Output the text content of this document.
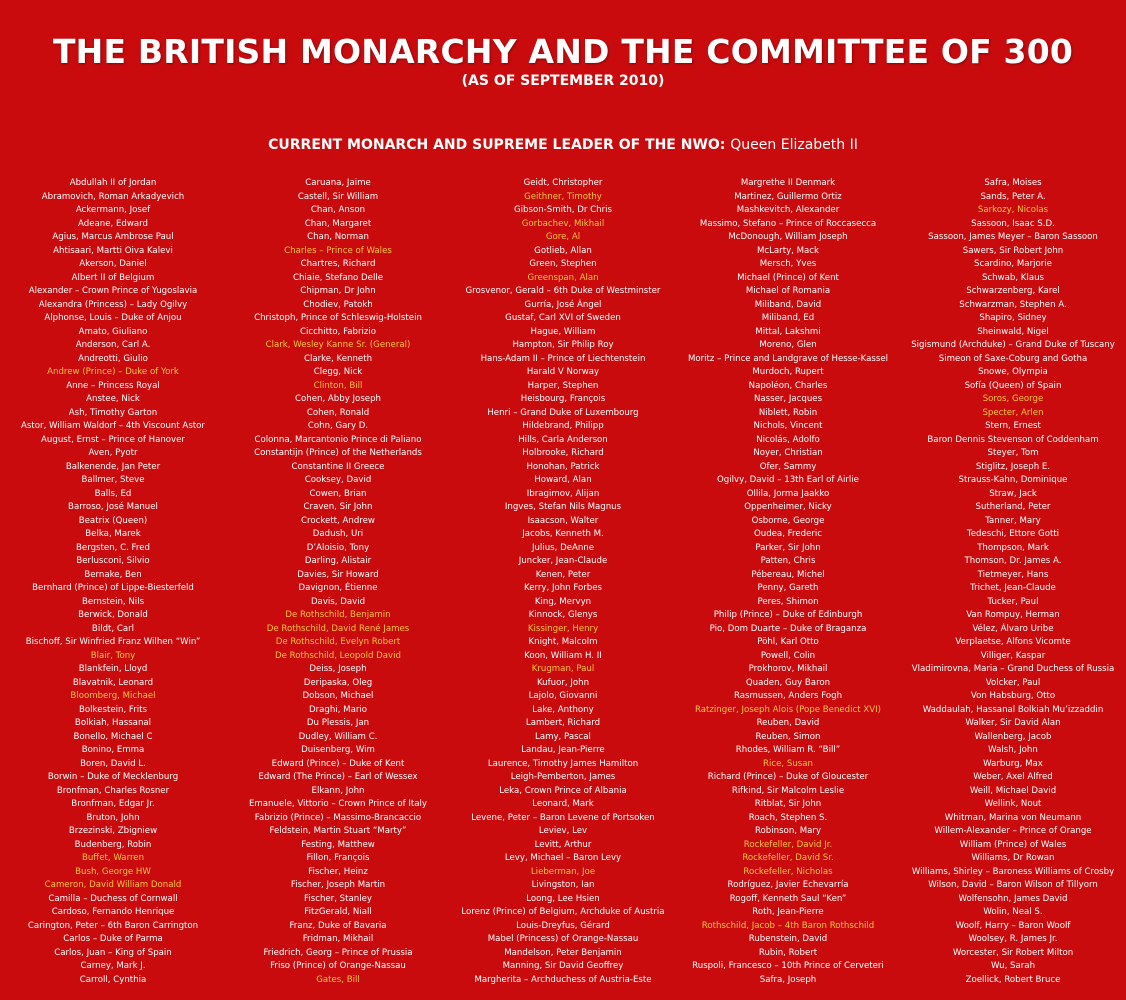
THE BRITISH MONARCHY AND THE COMMITTEE OF 300
(AS OF SEPTEMBER 2010)
CURRENT MONARCH AND SUPREME LEADER OF THE NWO: Queen Elizabeth II
Abdullah II of Jordan
Abramovich, Roman Arkadyevich
Ackermann, Josef
Adeane, Edward
Agius, Marcus Ambrose Paul
Ahtisaari, Martti Oiva Kalevi
Akerson, Daniel
Albert II of Belgium
Alexander – Crown Prince of Yugoslavia
Alexandra (Princess) – Lady Ogilvy
Alphonse, Louis – Duke of Anjou
Amato, Giuliano
Anderson, Carl A.
Andreotti, Giulio
Andrew (Prince) – Duke of York
Anne – Princess Royal
Anstee, Nick
Ash, Timothy Garton
Astor, William Waldorf – 4th Viscount Astor
August, Ernst – Prince of Hanover
Aven, Pyotr
Balkenende, Jan Peter
Ballmer, Steve
Balls, Ed
Barroso, José Manuel
Beatrix (Queen)
Belka, Marek
Bergsten, C. Fred
Berlusconi, Silvio
Bernake, Ben
Bernhard (Prince) of Lippe-Biesterfeld
Bernstein, Nils
Berwick, Donald
Bildt, Carl
Bischoff, Sir Winfried Franz Wilhen “Win”
Blair, Tony
Blankfein, Lloyd
Blavatnik, Leonard
Bloomberg, Michael
Bolkestein, Frits
Bolkiah, Hassanal
Bonello, Michael C
Bonino, Emma
Boren, David L.
Borwin – Duke of Mecklenburg
Bronfman, Charles Rosner
Bronfman, Edgar Jr.
Bruton, John
Brzezinski, Zbigniew
Budenberg, Robin
Buffet, Warren
Bush, George HW
Cameron, David William Donald
Camilla – Duchess of Cornwall
Cardoso, Fernando Henrique
Carington, Peter – 6th Baron Carrington
Carlos – Duke of Parma
Carlos, Juan – King of Spain
Carney, Mark J.
Carroll, Cynthia
Caruana, Jaime
Castell, Sir William
Chan, Anson
Chan, Margaret
Chan, Norman
Charles – Prince of Wales
Chartres, Richard
Chiaie, Stefano Delle
Chipman, Dr John
Chodiev, Patokh
Christoph, Prince of Schleswig-Holstein
Cicchitto, Fabrizio
Clark, Wesley Kanne Sr. (General)
Clarke, Kenneth
Clegg, Nick
Clinton, Bill
Cohen, Abby Joseph
Cohen, Ronald
Cohn, Gary D.
Colonna, Marcantonio Prince di Paliano
Constantijn (Prince) of the Netherlands
Constantine II Greece
Cooksey, David
Cowen, Brian
Craven, Sir John
Crockett, Andrew
Dadush, Uri
D’Aloisio, Tony
Darling, Alistair
Davies, Sir Howard
Davignon, Étienne
Davis, David
De Rothschild, Benjamin
De Rothschild, David René James
De Rothschild, Evelyn Robert
De Rothschild, Leopold David
Deiss, Joseph
Deripaska, Oleg
Dobson, Michael
Draghi, Mario
Du Plessis, Jan
Dudley, William C.
Duisenberg, Wim
Edward (Prince) – Duke of Kent
Edward (The Prince) – Earl of Wessex
Elkann, John
Emanuele, Vittorio – Crown Prince of Italy
Fabrizio (Prince) – Massimo-Brancaccio
Feldstein, Martin Stuart “Marty”
Festing, Matthew
Fillon, François
Fischer, Heinz
Fischer, Joseph Martin
Fischer, Stanley
FitzGerald, Niall
Franz, Duke of Bavaria
Fridman, Mikhail
Friedrich, Georg – Prince of Prussia
Friso (Prince) of Orange-Nassau
Gates, Bill
Geidt, Christopher
Geithner, Timothy
Gibson-Smith, Dr Chris
Gorbachev, Mikhail
Gore, Al
Gotlieb, Allan
Green, Stephen
Greenspan, Alan
Grosvenor, Gerald – 6th Duke of Westminster
Gurría, José Ángel
Gustaf, Carl XVI of Sweden
Hague, William
Hampton, Sir Philip Roy
Hans-Adam II – Prince of Liechtenstein
Harald V Norway
Harper, Stephen
Heisbourg, François
Henri – Grand Duke of Luxembourg
Hildebrand, Philipp
Hills, Carla Anderson
Holbrooke, Richard
Honohan, Patrick
Howard, Alan
Ibragimov, Alijan
Ingves, Stefan Nils Magnus
Isaacson, Walter
Jacobs, Kenneth M.
Julius, DeAnne
Juncker, Jean-Claude
Kenen, Peter
Kerry, John Forbes
King, Mervyn
Kinnock, Glenys
Kissinger, Henry
Knight, Malcolm
Koon, William H. II
Krugman, Paul
Kufuor, John
Lajolo, Giovanni
Lake, Anthony
Lambert, Richard
Lamy, Pascal
Landau, Jean-Pierre
Laurence, Timothy James Hamilton
Leigh-Pemberton, James
Leka, Crown Prince of Albania
Leonard, Mark
Levene, Peter – Baron Levene of Portsoken
Leviev, Lev
Levitt, Arthur
Levy, Michael – Baron Levy
Lieberman, Joe
Livingston, Ian
Loong, Lee Hsien
Lorenz (Prince) of Belgium, Archduke of Austria
Louis-Dreyfus, Gérard
Mabel (Princess) of Orange-Nassau
Mandelson, Peter Benjamin
Manning, Sir David Geoffrey
Margherita – Archduchess of Austria-Este
Margrethe II Denmark
Martinez, Guillermo Ortiz
Mashkevitch, Alexander
Massimo, Stefano – Prince of Roccasecca
McDonough, William Joseph
McLarty, Mack
Mersch, Yves
Michael (Prince) of Kent
Michael of Romania
Miliband, David
Miliband, Ed
Mittal, Lakshmi
Moreno, Glen
Moritz – Prince and Landgrave of Hesse-Kassel
Murdoch, Rupert
Napoléon, Charles
Nasser, Jacques
Niblett, Robin
Nichols, Vincent
Nicolás, Adolfo
Noyer, Christian
Ofer, Sammy
Ogilvy, David – 13th Earl of Airlie
Ollila, Jorma Jaakko
Oppenheimer, Nicky
Osborne, George
Oudea, Frederic
Parker, Sir John
Patten, Chris
Pébereau, Michel
Penny, Gareth
Peres, Shimon
Philip (Prince) – Duke of Edinburgh
Pio, Dom Duarte – Duke of Braganza
Pöhl, Karl Otto
Powell, Colin
Prokhorov, Mikhail
Quaden, Guy Baron
Rasmussen, Anders Fogh
Ratzinger, Joseph Alois (Pope Benedict XVI)
Reuben, David
Reuben, Simon
Rhodes, William R. “Bill”
Rice, Susan
Richard (Prince) – Duke of Gloucester
Rifkind, Sir Malcolm Leslie
Ritblat, Sir John
Roach, Stephen S.
Robinson, Mary
Rockefeller, David Jr.
Rockefeller, David Sr.
Rockefeller, Nicholas
Rodríguez, Javier Echevarría
Rogoff, Kenneth Saul “Ken”
Roth, Jean-Pierre
Rothschild, Jacob – 4th Baron Rothschild
Rubenstein, David
Rubin, Robert
Ruspoli, Francesco – 10th Prince of Cerveteri
Safra, Joseph
Safra, Moises
Sands, Peter A.
Sarkozy, Nicolas
Sassoon, Isaac S.D.
Sassoon, James Meyer – Baron Sassoon
Sawers, Sir Robert John
Scardino, Marjorie
Schwab, Klaus
Schwarzenberg, Karel
Schwarzman, Stephen A.
Shapiro, Sidney
Sheinwald, Nigel
Sigismund (Archduke) – Grand Duke of Tuscany
Simeon of Saxe-Coburg and Gotha
Snowe, Olympia
Sofía (Queen) of Spain
Soros, George
Specter, Arlen
Stern, Ernest
Baron Dennis Stevenson of Coddenham
Steyer, Tom
Stiglitz, Joseph E.
Strauss-Kahn, Dominique
Straw, Jack
Sutherland, Peter
Tanner, Mary
Tedeschi, Ettore Gotti
Thompson, Mark
Thomson, Dr. James A.
Tietmeyer, Hans
Trichet, Jean-Claude
Tucker, Paul
Van Rompuy, Herman
Vélez, Álvaro Uribe
Verplaetse, Alfons Vicomte
Villiger, Kaspar
Vladimirovna, Maria – Grand Duchess of Russia
Volcker, Paul
Von Habsburg, Otto
Waddaulah, Hassanal Bolkiah Mu’izzaddin
Walker, Sir David Alan
Wallenberg, Jacob
Walsh, John
Warburg, Max
Weber, Axel Alfred
Weill, Michael David
Wellink, Nout
Whitman, Marina von Neumann
Willem-Alexander – Prince of Orange
William (Prince) of Wales
Williams, Dr Rowan
Williams, Shirley – Baroness Williams of Crosby
Wilson, David – Baron Wilson of Tillyorn
Wolfensohn, James David
Wolin, Neal S.
Woolf, Harry – Baron Woolf
Woolsey, R. James Jr.
Worcester, Sir Robert Milton
Wu, Sarah
Zoellick, Robert Bruce
